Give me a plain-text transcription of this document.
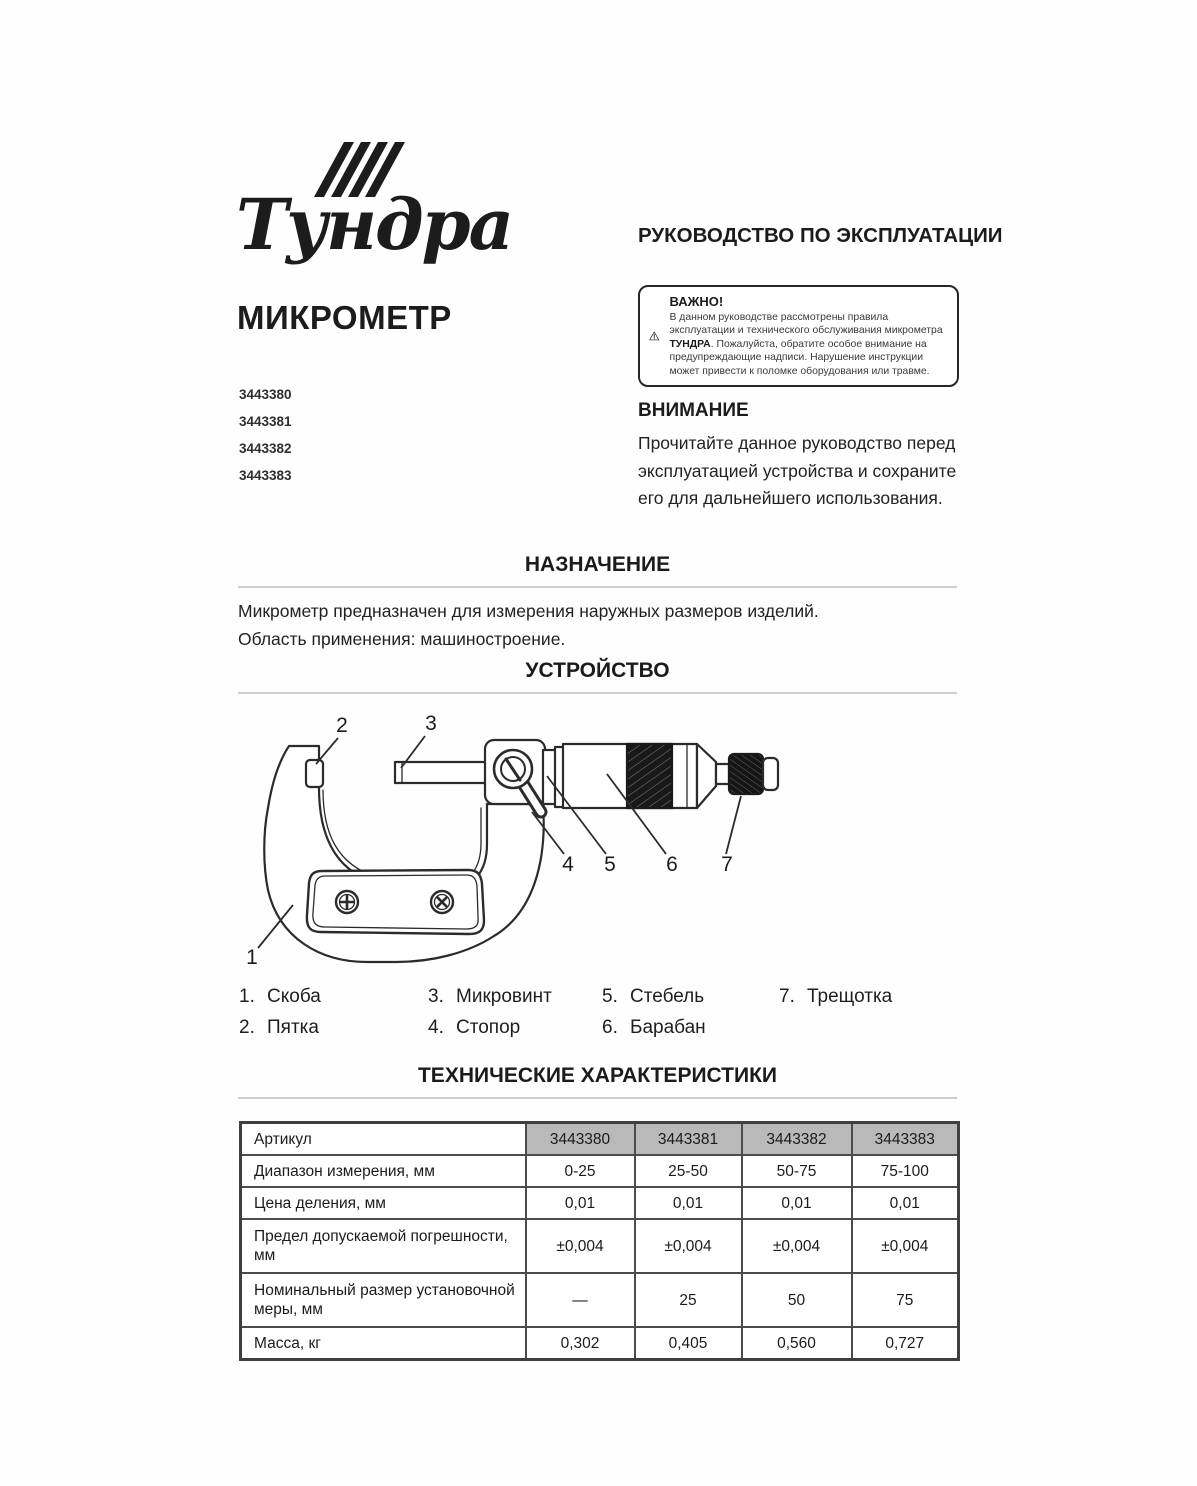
Тундра
МИКРОМЕТР
3443380
3443381
3443382
3443383
РУКОВОДСТВО ПО ЭКСПЛУАТАЦИИ
ВАЖНО!
В данном руководстве рассмотрены правила эксплуатации и технического обслуживания микрометра ТУНДРА. Пожалуйста, обратите особое внимание на предупреждающие надписи. Нарушение инструкции может привести к поломке оборудования или травме.
ВНИМАНИЕ
Прочитайте данное руководство перед эксплуатацией устройства и сохраните его для дальнейшего использования.
НАЗНАЧЕНИЕ
Микрометр предназначен для измерения наружных размеров изделий.
Область применения: машиностроение.
УСТРОЙСТВО
1
2	3
4 5 6 7
1. Скоба
2. Пятка
3. Микровинт
4. Стопор
5. Стебель
6. Барабан
7. Трещотка
ТЕХНИЧЕСКИЕ ХАРАКТЕРИСТИКИ
Артикул	3443380	3443381	3443382	3443383
Диапазон измерения, мм	0-25	25-50	50-75	75-100
Цена деления, мм	0,01	0,01	0,01	0,01
Предел допускаемой погрешности, мм	±0,004	±0,004	±0,004	±0,004
Номинальный размер установочной меры, мм	—	25	50	75
Масса, кг	0,302	0,405	0,560	0,727
